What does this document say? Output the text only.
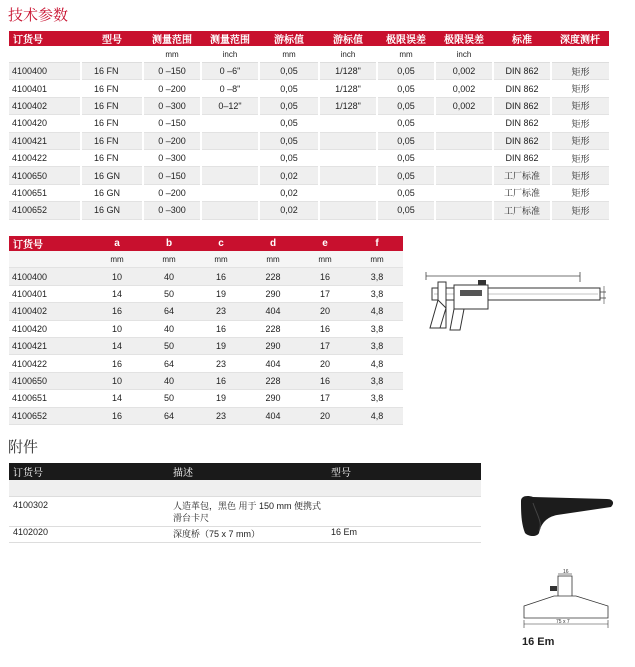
技术参数
订货号	型号	测量范围	测量范围	游标值	游标值	极限误差	极限误差	标准	深度测杆
		mm	inch	mm	inch	mm	inch		
4100400	16 FN	0 –150	0 –6"	0,05	1/128"	0,05	0,002	DIN 862	矩形
4100401	16 FN	0 –200	0 –8"	0,05	1/128"	0,05	0,002	DIN 862	矩形
4100402	16 FN	0 –300	0–12"	0,05	1/128"	0,05	0,002	DIN 862	矩形
4100420	16 FN	0 –150		0,05		0,05		DIN 862	矩形
4100421	16 FN	0 –200		0,05		0,05		DIN 862	矩形
4100422	16 FN	0 –300		0,05		0,05		DIN 862	矩形
4100650	16 GN	0 –150		0,02		0,05		工厂标准	矩形
4100651	16 GN	0 –200		0,02		0,05		工厂标准	矩形
4100652	16 GN	0 –300		0,02		0,05		工厂标准	矩形
订货号	a	b	c	d	e	f
	mm	mm	mm	mm	mm	mm
4100400	10	40	16	228	16	3,8
4100401	14	50	19	290	17	3,8
4100402	16	64	23	404	20	4,8
4100420	10	40	16	228	16	3,8
4100421	14	50	19	290	17	3,8
4100422	16	64	23	404	20	4,8
4100650	10	40	16	228	16	3,8
4100651	14	50	19	290	17	3,8
4100652	16	64	23	404	20	4,8
附件
订货号	描述	型号

4100302	人造革包，黑色 用于 150 mm 便携式滑台卡尺	
4102020	深度桥（75 x 7 mm）	16 Em
16
75 x 7
16 Em
